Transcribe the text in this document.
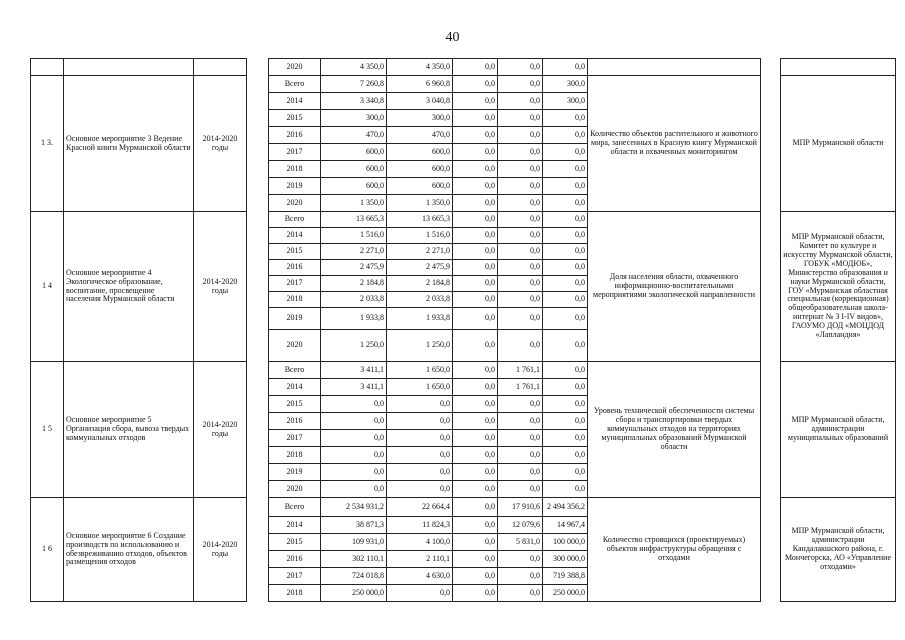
40
				2020	4 350,0	4 350,0	0,0	0,0	0,0			
1 3.	Основное мероприятие 3 Ведение Красной книги Мурманской области	2014-2020 годы		Всего	7 260,8	6 960,8	0,0	0,0	300,0	Количество объектов растительного и животного мира, занесенных в Красную книгу Мурманской области и охваченных мониторингом		МПР Мурманской области
				2014	3 340,8	3 040,8	0,0	0,0	300,0			
				2015	300,0	300,0	0,0	0,0	0,0			
				2016	470,0	470,0	0,0	0,0	0,0			
				2017	600,0	600,0	0,0	0,0	0,0			
				2018	600,0	600,0	0,0	0,0	0,0			
				2019	600,0	600,0	0,0	0,0	0,0			
				2020	1 350,0	1 350,0	0,0	0,0	0,0			
1 4	Основное мероприятие 4 Экологическое образование, воспитание, просвещение населения Мурманской области	2014-2020 годы		Всего	13 665,3	13 665,3	0,0	0,0	0,0	Доля населения области, охваченного информационно-воспитательными мероприятиями экологической направленности		МПР Мурманской области, Комитет по культуре и искусству Мурманской области, ГОБУК «МОДЮБ», Министерство образования и науки Мурманской области, ГОУ «Мурманская областная специальная (коррекционная) общеобразовательная школа-интернат № 3 I-IV видов», ГАОУМО ДОД «МОЦДОД «Лапландия»
				2014	1 516,0	1 516,0	0,0	0,0	0,0			
				2015	2 271,0	2 271,0	0,0	0,0	0,0			
				2016	2 475,9	2 475,9	0,0	0,0	0,0			
				2017	2 184,8	2 184,8	0,0	0,0	0,0			
				2018	2 033,8	2 033,8	0,0	0,0	0,0			
				2019	1 933,8	1 933,8	0,0	0,0	0,0			
				2020	1 250,0	1 250,0	0,0	0,0	0,0			
1 5	Основное мероприятие 5 Организация сбора, вывоза твердых коммунальных отходов	2014-2020 годы		Всего	3 411,1	1 650,0	0,0	1 761,1	0,0	Уровень технической обеспеченности системы сбора и транспортировки твердых коммунальных отходов на территориях муниципальных образований Мурманской области		МПР Мурманской области, администрации муниципальных образований
				2014	3 411,1	1 650,0	0,0	1 761,1	0,0			
				2015	0,0	0,0	0,0	0,0	0,0			
				2016	0,0	0,0	0,0	0,0	0,0			
				2017	0,0	0,0	0,0	0,0	0,0			
				2018	0,0	0,0	0,0	0,0	0,0			
				2019	0,0	0,0	0,0	0,0	0,0			
				2020	0,0	0,0	0,0	0,0	0,0			
1 6	Основное мероприятие 6 Создание производств по использованию и обезвреживанию отходов, объектов размещения отходов	2014-2020 годы		Всего	2 534 931,2	22 664,4	0,0	17 910,6	2 494 356,2	Количество строящихся (проектируемых) объектов инфраструктуры обращения с отходами		МПР Мурманской области, администрации Кандалакшского района, г. Мончегорска, АО «Управление отходами»
				2014	38 871,3	11 824,3	0,0	12 079,6	14 967,4			
				2015	109 931,0	4 100,0	0,0	5 831,0	100 000,0			
				2016	302 110,1	2 110,1	0,0	0,0	300 000,0			
				2017	724 018,8	4 630,0	0,0	0,0	719 388,8			
				2018	250 000,0	0,0	0,0	0,0	250 000,0			
